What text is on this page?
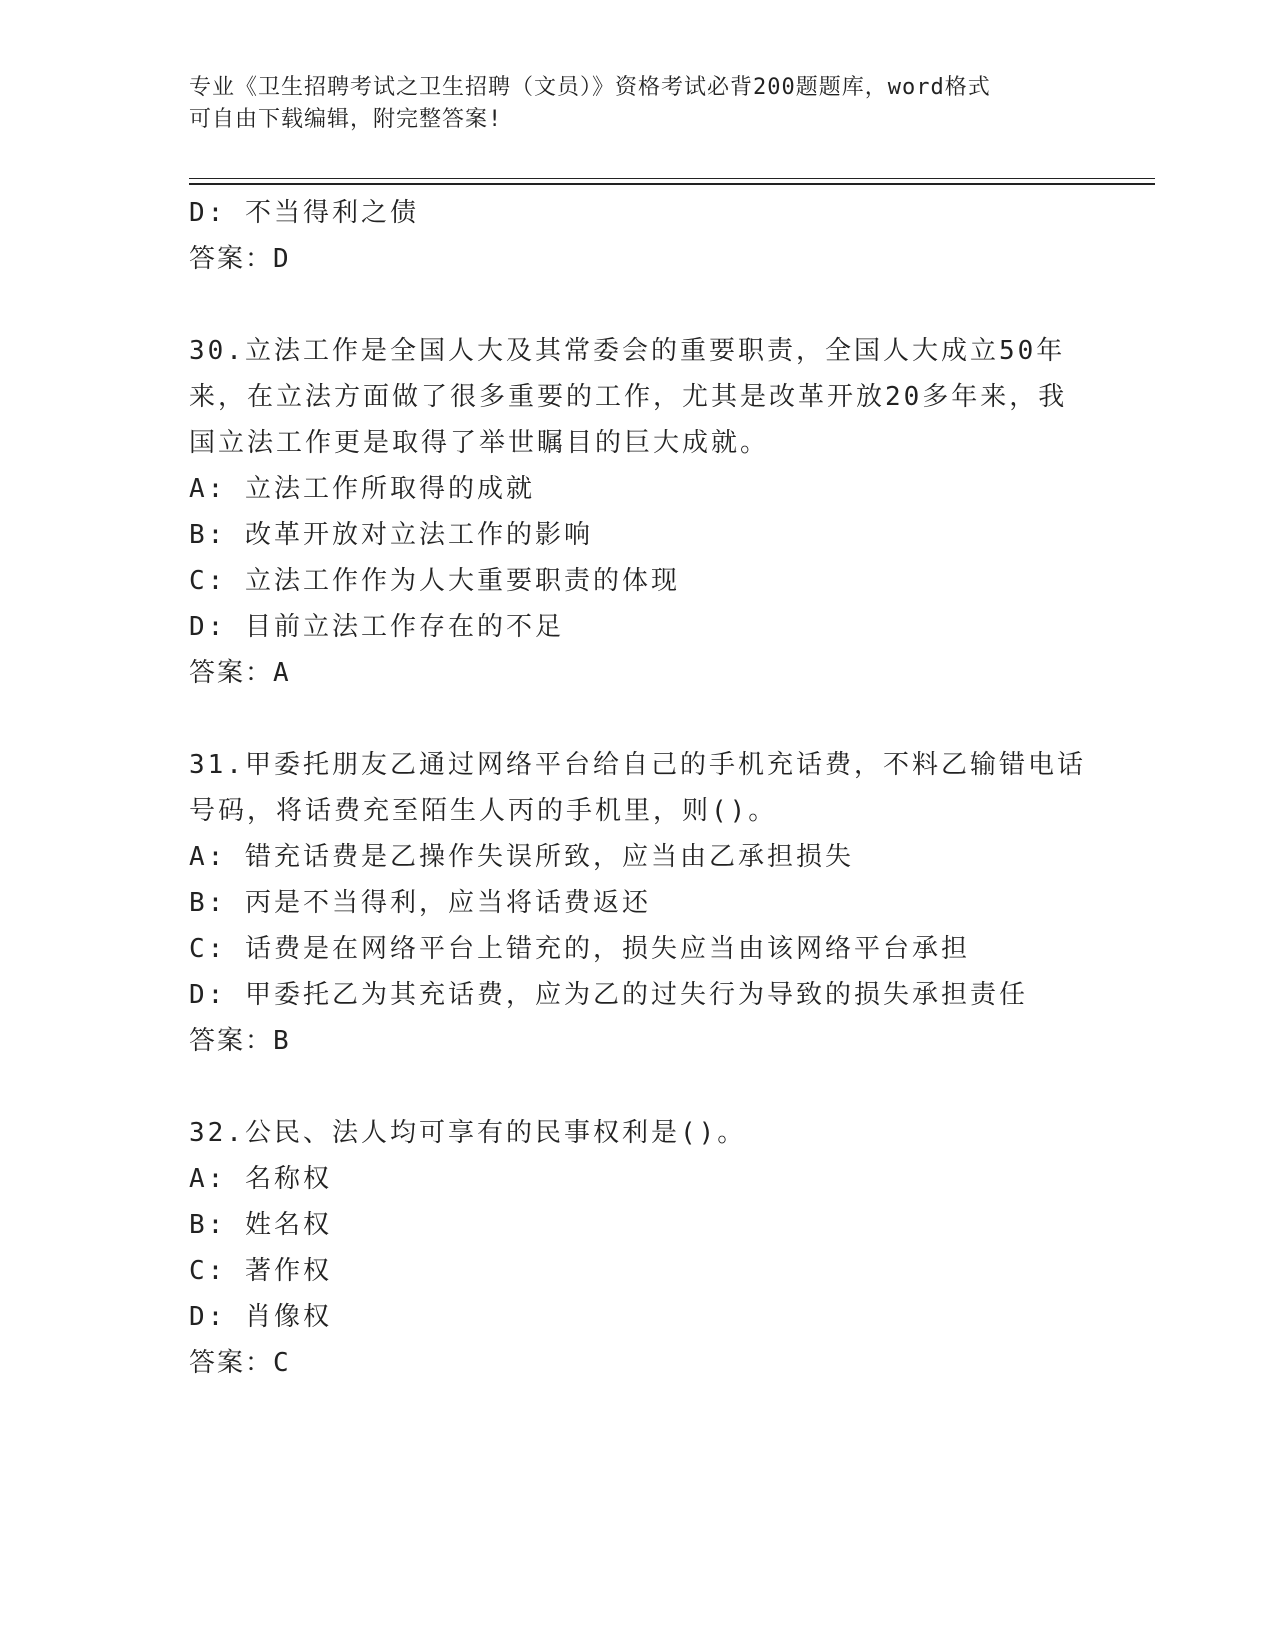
专业《卫生招聘考试之卫生招聘（文员）》资格考试必背200题题库，word格式
可自由下载编辑，附完整答案!
D: 不当得利之债
答案：D
30.立法工作是全国人大及其常委会的重要职责，全国人大成立50年
来，在立法方面做了很多重要的工作，尤其是改革开放20多年来，我
国立法工作更是取得了举世瞩目的巨大成就。
A: 立法工作所取得的成就
B: 改革开放对立法工作的影响
C: 立法工作作为人大重要职责的体现
D: 目前立法工作存在的不足
答案：A
31.甲委托朋友乙通过网络平台给自己的手机充话费，不料乙输错电话
号码，将话费充至陌生人丙的手机里，则()。
A: 错充话费是乙操作失误所致，应当由乙承担损失
B: 丙是不当得利，应当将话费返还
C: 话费是在网络平台上错充的，损失应当由该网络平台承担
D: 甲委托乙为其充话费，应为乙的过失行为导致的损失承担责任
答案：B
32.公民、法人均可享有的民事权利是()。
A: 名称权
B: 姓名权
C: 著作权
D: 肖像权
答案：C
